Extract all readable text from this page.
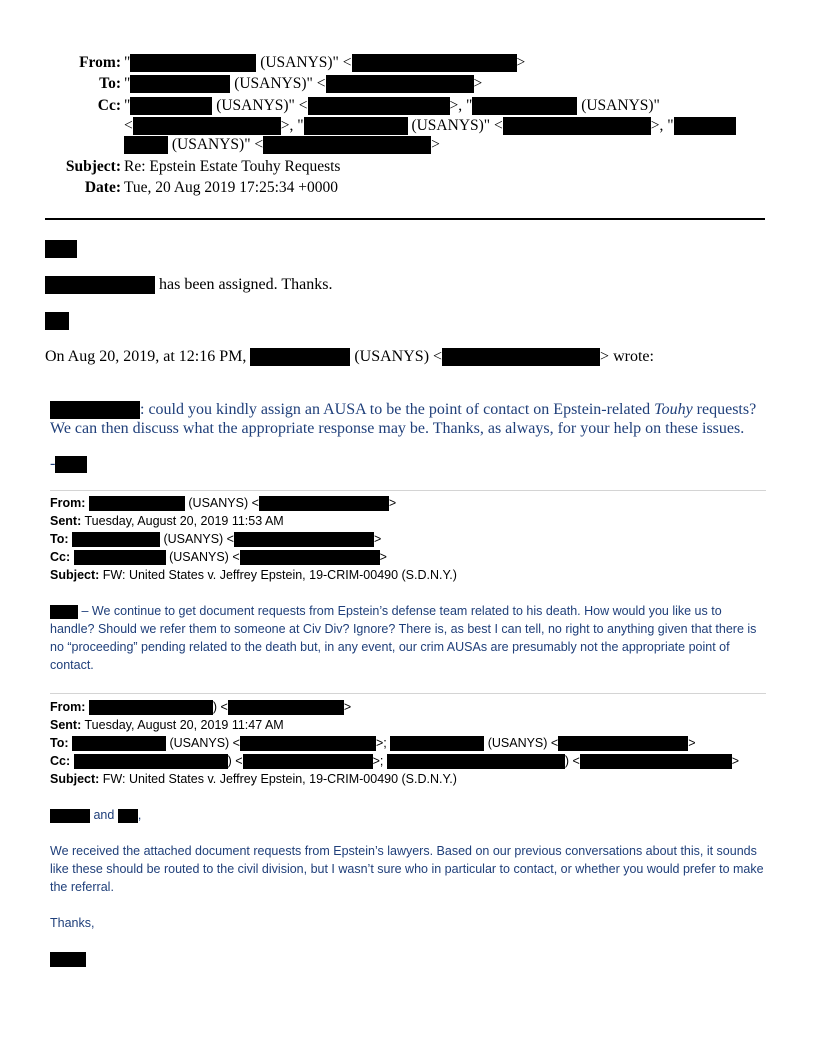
From: "	(USANYS)" <	>
To: "	(USANYS)" <	>
Cc: "	(USANYS)" <	>, "	(USANYS)"
<	>, "	(USANYS)" <	>, "
(USANYS)" <	>
Subject: Re: Epstein Estate Touhy Requests
Date: Tue, 20 Aug 2019 17:25:34 +0000
has been assigned. Thanks.
On Aug 20, 2019, at 12:16 PM,	(USANYS) <	> wrote:
: could you kindly assign an AUSA to be the point of contact on Epstein-related Touhy requests? We can then discuss what the appropriate response may be. Thanks, as always, for your help on these issues.
-
From:	(USANYS) <	>
Sent: Tuesday, August 20, 2019 11:53 AM
To:	(USANYS) <	>
Cc:	(USANYS) <	>
Subject: FW: United States v. Jeffrey Epstein, 19-CRIM-00490 (S.D.N.Y.)
– We continue to get document requests from Epstein’s defense team related to his death. How would you like us to handle? Should we refer them to someone at Civ Div? Ignore? There is, as best I can tell, no right to anything given that there is no “proceeding” pending related to the death but, in any event, our crim AUSAs are presumably not the appropriate point of contact.
From:	) <	>
Sent: Tuesday, August 20, 2019 11:47 AM
To:	(USANYS) <	>;	(USANYS) <	>
Cc:	) <	>;	) <	>
Subject: FW: United States v. Jeffrey Epstein, 19-CRIM-00490 (S.D.N.Y.)
and ,
We received the attached document requests from Epstein’s lawyers. Based on our previous conversations about this, it sounds like these should be routed to the civil division, but I wasn’t sure who in particular to contact, or whether you would prefer to make the referral.
Thanks,
